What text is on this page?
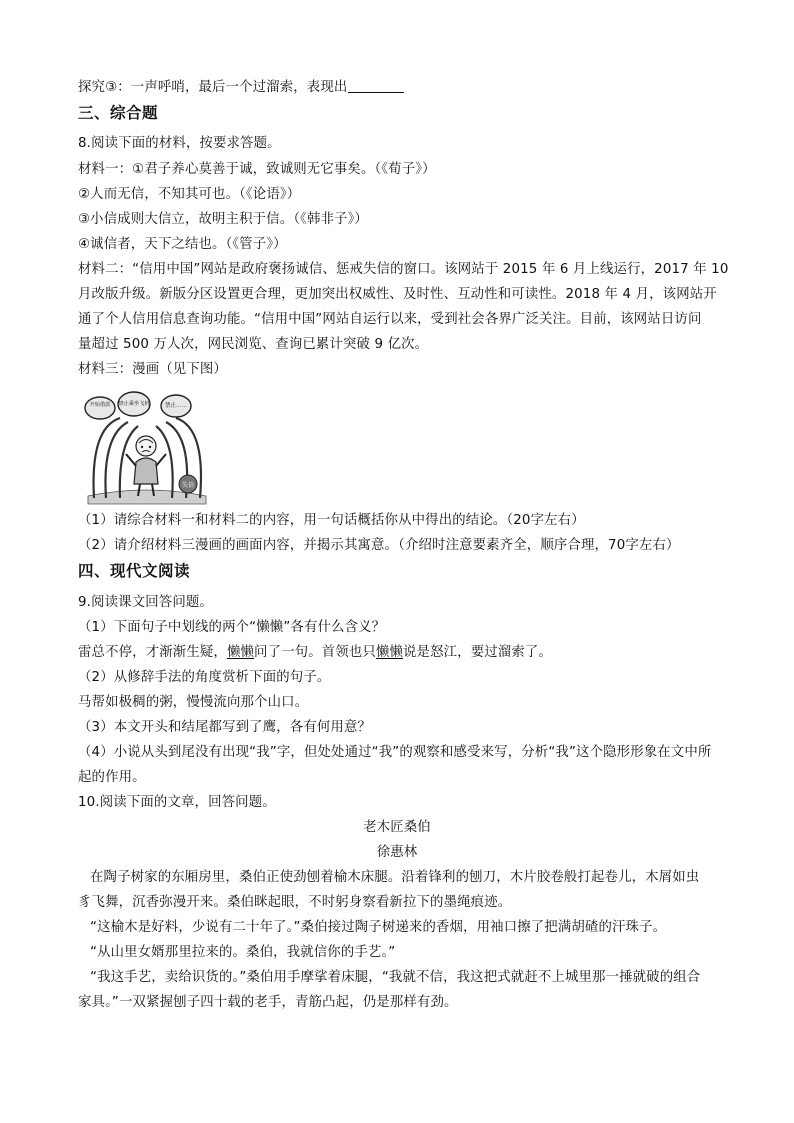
探究③：一声呼哨，最后一个过溜索，表现出
三、综合题
8.阅读下面的材料，按要求答题。
材料一：①君子养心莫善于诚，致诚则无它事矣。（《荀子》）
②人而无信，不知其可也。（《论语》）
③小信成则大信立，故明主积于信。（《韩非子》）
④诚信者，天下之结也。（《管子》）
材料二：“信用中国”网站是政府褒扬诚信、惩戒失信的窗口。该网站于 2015 年 6 月上线运行，2017 年 10
月改版升级。新版分区设置更合理，更加突出权威性、及时性、互动性和可读性。2018 年 4 月，该网站开
通了个人信用信息查询功能。“信用中国”网站自运行以来，受到社会各界广泛关注。目前，该网站日访问
量超过 500 万人次，网民浏览、查询已累计突破 9 亿次。
材料三：漫画（见下图）
开始借款 禁止乘坐飞机	禁止……
失信
（1）请综合材料一和材料二的内容，用一句话概括你从中得出的结论。（20字左右）
（2）请介绍材料三漫画的画面内容，并揭示其寓意。（介绍时注意要素齐全，顺序合理，70字左右）
四、现代文阅读
9.阅读课文回答问题。
（1）下面句子中划线的两个“懒懒”各有什么含义？
雷总不停，才渐渐生疑，懒懒问了一句。首领也只懒懒说是怒江，要过溜索了。
（2）从修辞手法的角度赏析下面的句子。
马帮如极稠的粥，慢慢流向那个山口。
（3）本文开头和结尾都写到了鹰，各有何用意？
（4）小说从头到尾没有出现“我”字，但处处通过“我”的观察和感受来写，分析“我”这个隐形形象在文中所
起的作用。
10.阅读下面的文章，回答问题。
老木匠桑伯
徐惠林
在陶子树家的东厢房里，桑伯正使劲刨着榆木床腿。沿着锋利的刨刀，木片胶卷般打起卷儿，木屑如虫
豸飞舞，沉香弥漫开来。桑伯眯起眼，不时躬身察看新拉下的墨绳痕迹。
“这榆木是好料，少说有二十年了。”桑伯接过陶子树递来的香烟，用袖口擦了把满胡碴的汗珠子。
“从山里女婿那里拉来的。桑伯，我就信你的手艺。”
“我这手艺，卖给识货的。”桑伯用手摩挲着床腿，“我就不信，我这把式就赶不上城里那一捶就破的组合
家具。”一双紧握刨子四十载的老手，青筋凸起，仍是那样有劲。
